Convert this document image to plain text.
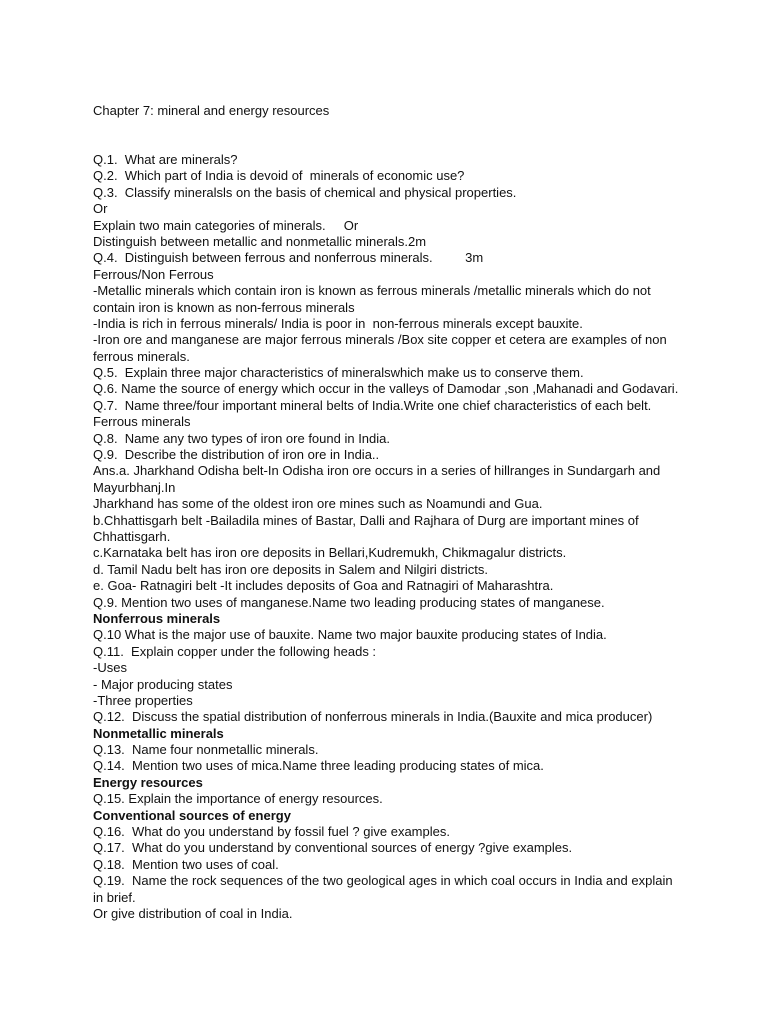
Chapter 7: mineral and energy resources
Q.1.  What are minerals?
Q.2.  Which part of India is devoid of  minerals of economic use?
Q.3.  Classify mineralsls on the basis of chemical and physical properties.
Or
Explain two main categories of minerals.     Or
Distinguish between metallic and nonmetallic minerals.2m
Q.4.  Distinguish between ferrous and nonferrous minerals.         3m
Ferrous/Non Ferrous
-Metallic minerals which contain iron is known as ferrous minerals /metallic minerals which do not
contain iron is known as non-ferrous minerals
-India is rich in ferrous minerals/ India is poor in  non-ferrous minerals except bauxite.
-Iron ore and manganese are major ferrous minerals /Box site copper et cetera are examples of non
ferrous minerals.
Q.5.  Explain three major characteristics of mineralswhich make us to conserve them.
Q.6. Name the source of energy which occur in the valleys of Damodar ,son ,Mahanadi and Godavari.
Q.7.  Name three/four important mineral belts of India.Write one chief characteristics of each belt.
Ferrous minerals
Q.8.  Name any two types of iron ore found in India.
Q.9.  Describe the distribution of iron ore in India..
Ans.a. Jharkhand Odisha belt-In Odisha iron ore occurs in a series of hillranges in Sundargarh and
Mayurbhanj.In
Jharkhand has some of the oldest iron ore mines such as Noamundi and Gua.
b.Chhattisgarh belt -Bailadila mines of Bastar, Dalli and Rajhara of Durg are important mines of
Chhattisgarh.
c.Karnataka belt has iron ore deposits in Bellari,Kudremukh, Chikmagalur districts.
d. Tamil Nadu belt has iron ore deposits in Salem and Nilgiri districts.
e. Goa- Ratnagiri belt -It includes deposits of Goa and Ratnagiri of Maharashtra.
Q.9. Mention two uses of manganese.Name two leading producing states of manganese.
Nonferrous minerals
Q.10 What is the major use of bauxite. Name two major bauxite producing states of India.
Q.11.  Explain copper under the following heads :
-Uses
- Major producing states
-Three properties
Q.12.  Discuss the spatial distribution of nonferrous minerals in India.(Bauxite and mica producer)
Nonmetallic minerals
Q.13.  Name four nonmetallic minerals.
Q.14.  Mention two uses of mica.Name three leading producing states of mica.
Energy resources
Q.15. Explain the importance of energy resources.
Conventional sources of energy
Q.16.  What do you understand by fossil fuel ? give examples.
Q.17.  What do you understand by conventional sources of energy ?give examples.
Q.18.  Mention two uses of coal.
Q.19.  Name the rock sequences of the two geological ages in which coal occurs in India and explain
in brief.
Or give distribution of coal in India.
